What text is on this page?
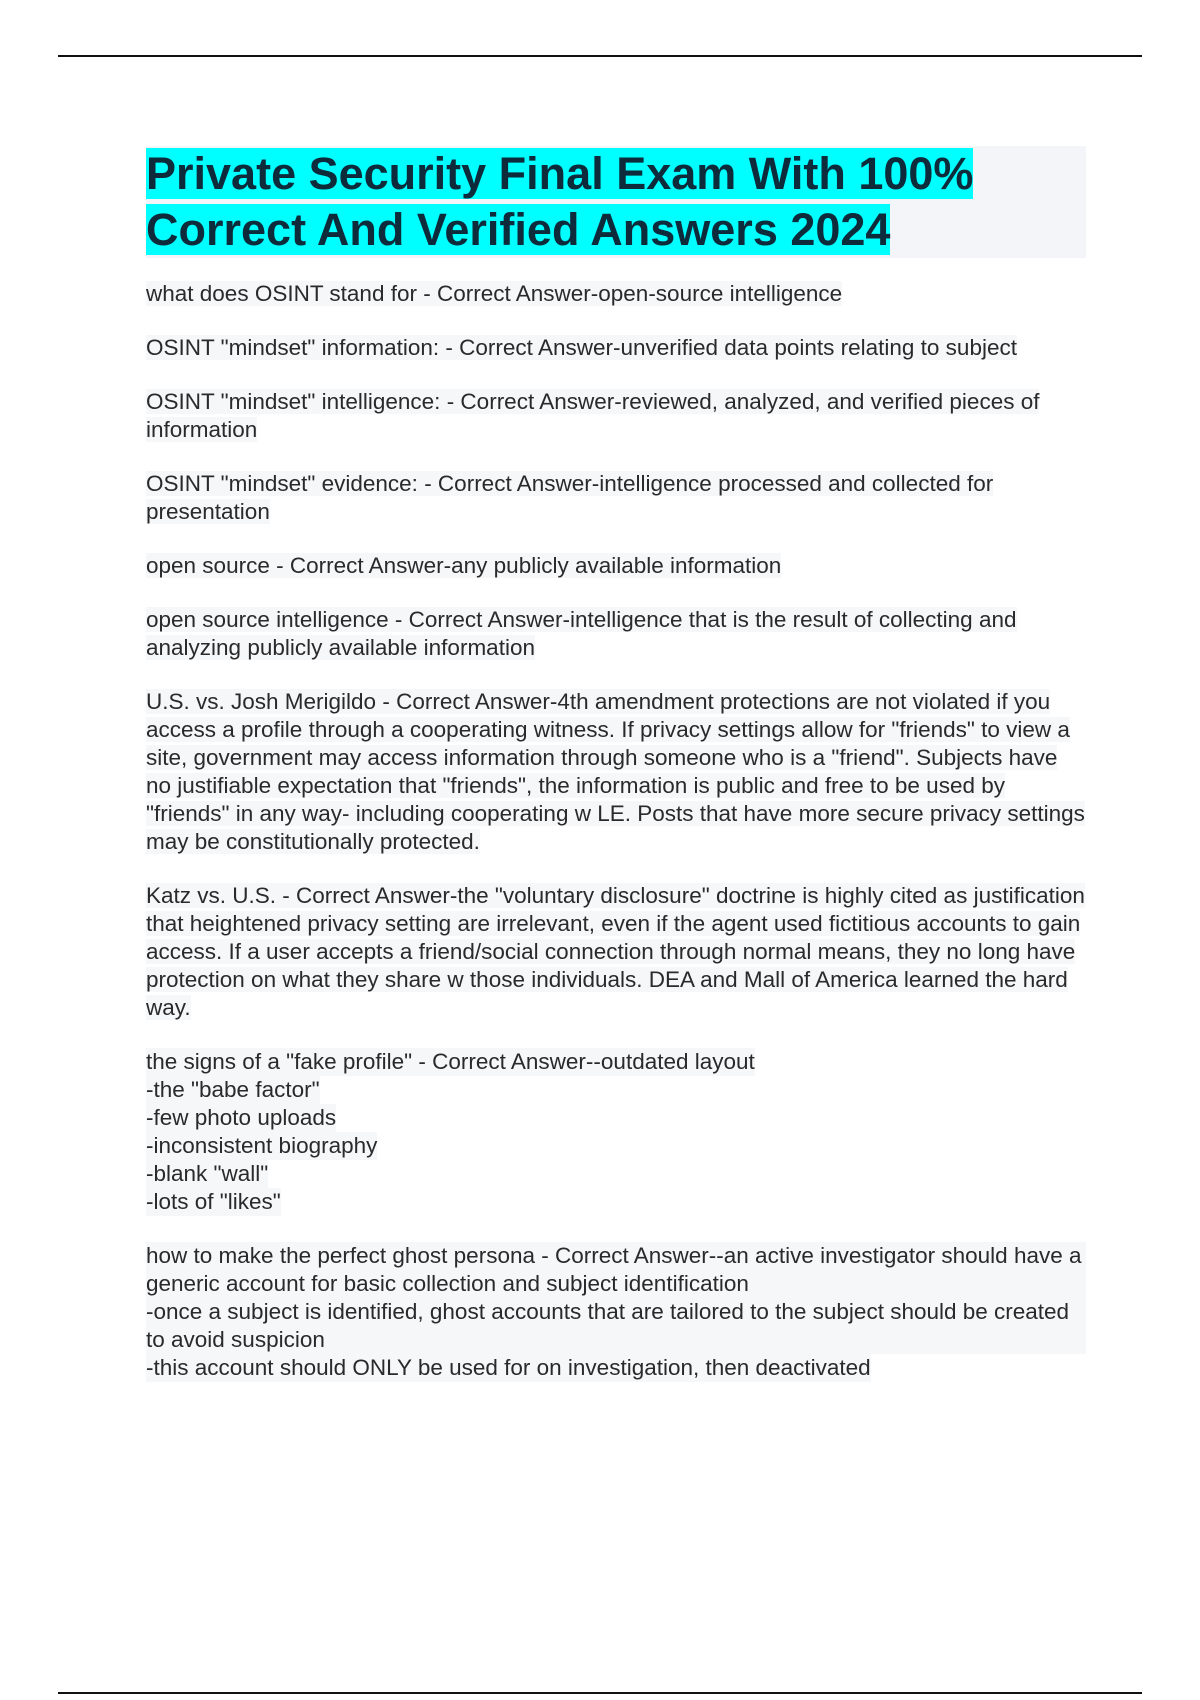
Private Security Final Exam With 100%
Correct And Verified Answers 2024

what does OSINT stand for - Correct Answer-open-source intelligence

OSINT "mindset" information: - Correct Answer-unverified data points relating to subject

OSINT "mindset" intelligence: - Correct Answer-reviewed, analyzed, and verified pieces of information

OSINT "mindset" evidence: - Correct Answer-intelligence processed and collected for presentation

open source - Correct Answer-any publicly available information

open source intelligence - Correct Answer-intelligence that is the result of collecting and analyzing publicly available information

U.S. vs. Josh Merigildo - Correct Answer-4th amendment protections are not violated if you access a profile through a cooperating witness. If privacy settings allow for "friends" to view a site, government may access information through someone who is a "friend". Subjects have no justifiable expectation that "friends", the information is public and free to be used by "friends" in any way- including cooperating w LE. Posts that have more secure privacy settings may be constitutionally protected.

Katz vs. U.S. - Correct Answer-the "voluntary disclosure" doctrine is highly cited as justification that heightened privacy setting are irrelevant, even if the agent used fictitious accounts to gain access. If a user accepts a friend/social connection through normal means, they no long have protection on what they share w those individuals. DEA and Mall of America learned the hard way.

the signs of a "fake profile" - Correct Answer--outdated layout
-the "babe factor"
-few photo uploads
-inconsistent biography
-blank "wall"
-lots of "likes"

how to make the perfect ghost persona - Correct Answer--an active investigator should have a generic account for basic collection and subject identification
-once a subject is identified, ghost accounts that are tailored to the subject should be created to avoid suspicion
-this account should ONLY be used for on investigation, then deactivated
